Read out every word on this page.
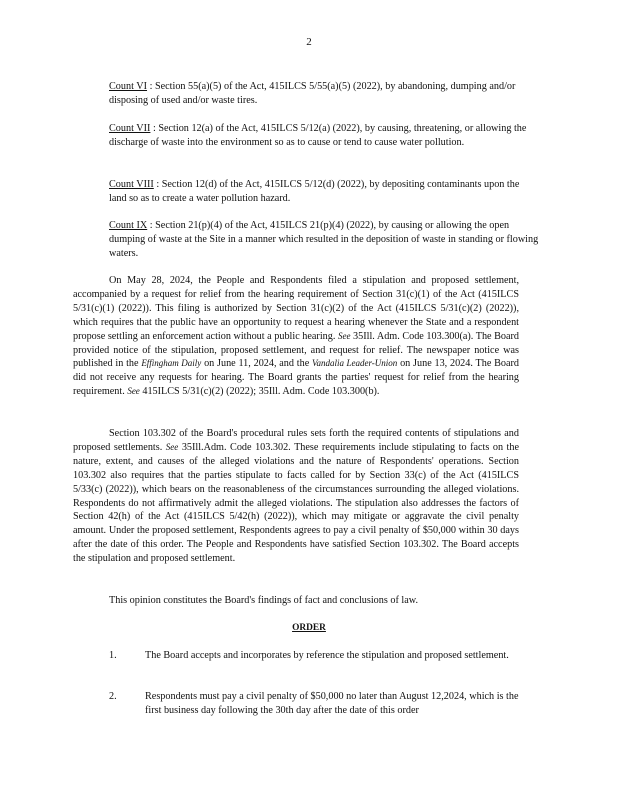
2
Count VI : Section 55(a)(5) of the Act, 415ILCS 5/55(a)(5) (2022), by abandoning, dumping and/or disposing of used and/or waste tires.
Count VII : Section 12(a) of the Act, 415ILCS 5/12(a) (2022), by causing, threatening, or allowing the discharge of waste into the environment so as to cause or tend to cause water pollution.
Count VIII : Section 12(d) of the Act, 415ILCS 5/12(d) (2022), by depositing contaminants upon the land so as to create a water pollution hazard.
Count IX : Section 21(p)(4) of the Act, 415ILCS 21(p)(4) (2022), by causing or allowing the open dumping of waste at the Site in a manner which resulted in the deposition of waste in standing or flowing waters.
On May 28, 2024, the People and Respondents filed a stipulation and proposed settlement, accompanied by a request for relief from the hearing requirement of Section 31(c)(1) of the Act (415ILCS 5/31(c)(1) (2022)). This filing is authorized by Section 31(c)(2) of the Act (415ILCS 5/31(c)(2) (2022)), which requires that the public have an opportunity to request a hearing whenever the State and a respondent propose settling an enforcement action without a public hearing. See 35Ill. Adm. Code 103.300(a). The Board provided notice of the stipulation, proposed settlement, and request for relief. The newspaper notice was published in the Effingham Daily on June 11, 2024, and the Vandalia Leader-Union on June 13, 2024. The Board did not receive any requests for hearing. The Board grants the parties' request for relief from the hearing requirement. See 415ILCS 5/31(c)(2) (2022); 35Ill. Adm. Code 103.300(b).
Section 103.302 of the Board's procedural rules sets forth the required contents of stipulations and proposed settlements. See 35Ill.Adm. Code 103.302. These requirements include stipulating to facts on the nature, extent, and causes of the alleged violations and the nature of Respondents' operations. Section 103.302 also requires that the parties stipulate to facts called for by Section 33(c) of the Act (415ILCS 5/33(c) (2022)), which bears on the reasonableness of the circumstances surrounding the alleged violations. Respondents do not affirmatively admit the alleged violations. The stipulation also addresses the factors of Section 42(h) of the Act (415ILCS 5/42(h) (2022)), which may mitigate or aggravate the civil penalty amount. Under the proposed settlement, Respondents agrees to pay a civil penalty of $50,000 within 30 days after the date of this order. The People and Respondents have satisfied Section 103.302. The Board accepts the stipulation and proposed settlement.
This opinion constitutes the Board's findings of fact and conclusions of law.
ORDER
1.	The Board accepts and incorporates by reference the stipulation and proposed settlement.
2.	Respondents must pay a civil penalty of $50,000 no later than August 12,2024, which is the first business day following the 30th day after the date of this order
